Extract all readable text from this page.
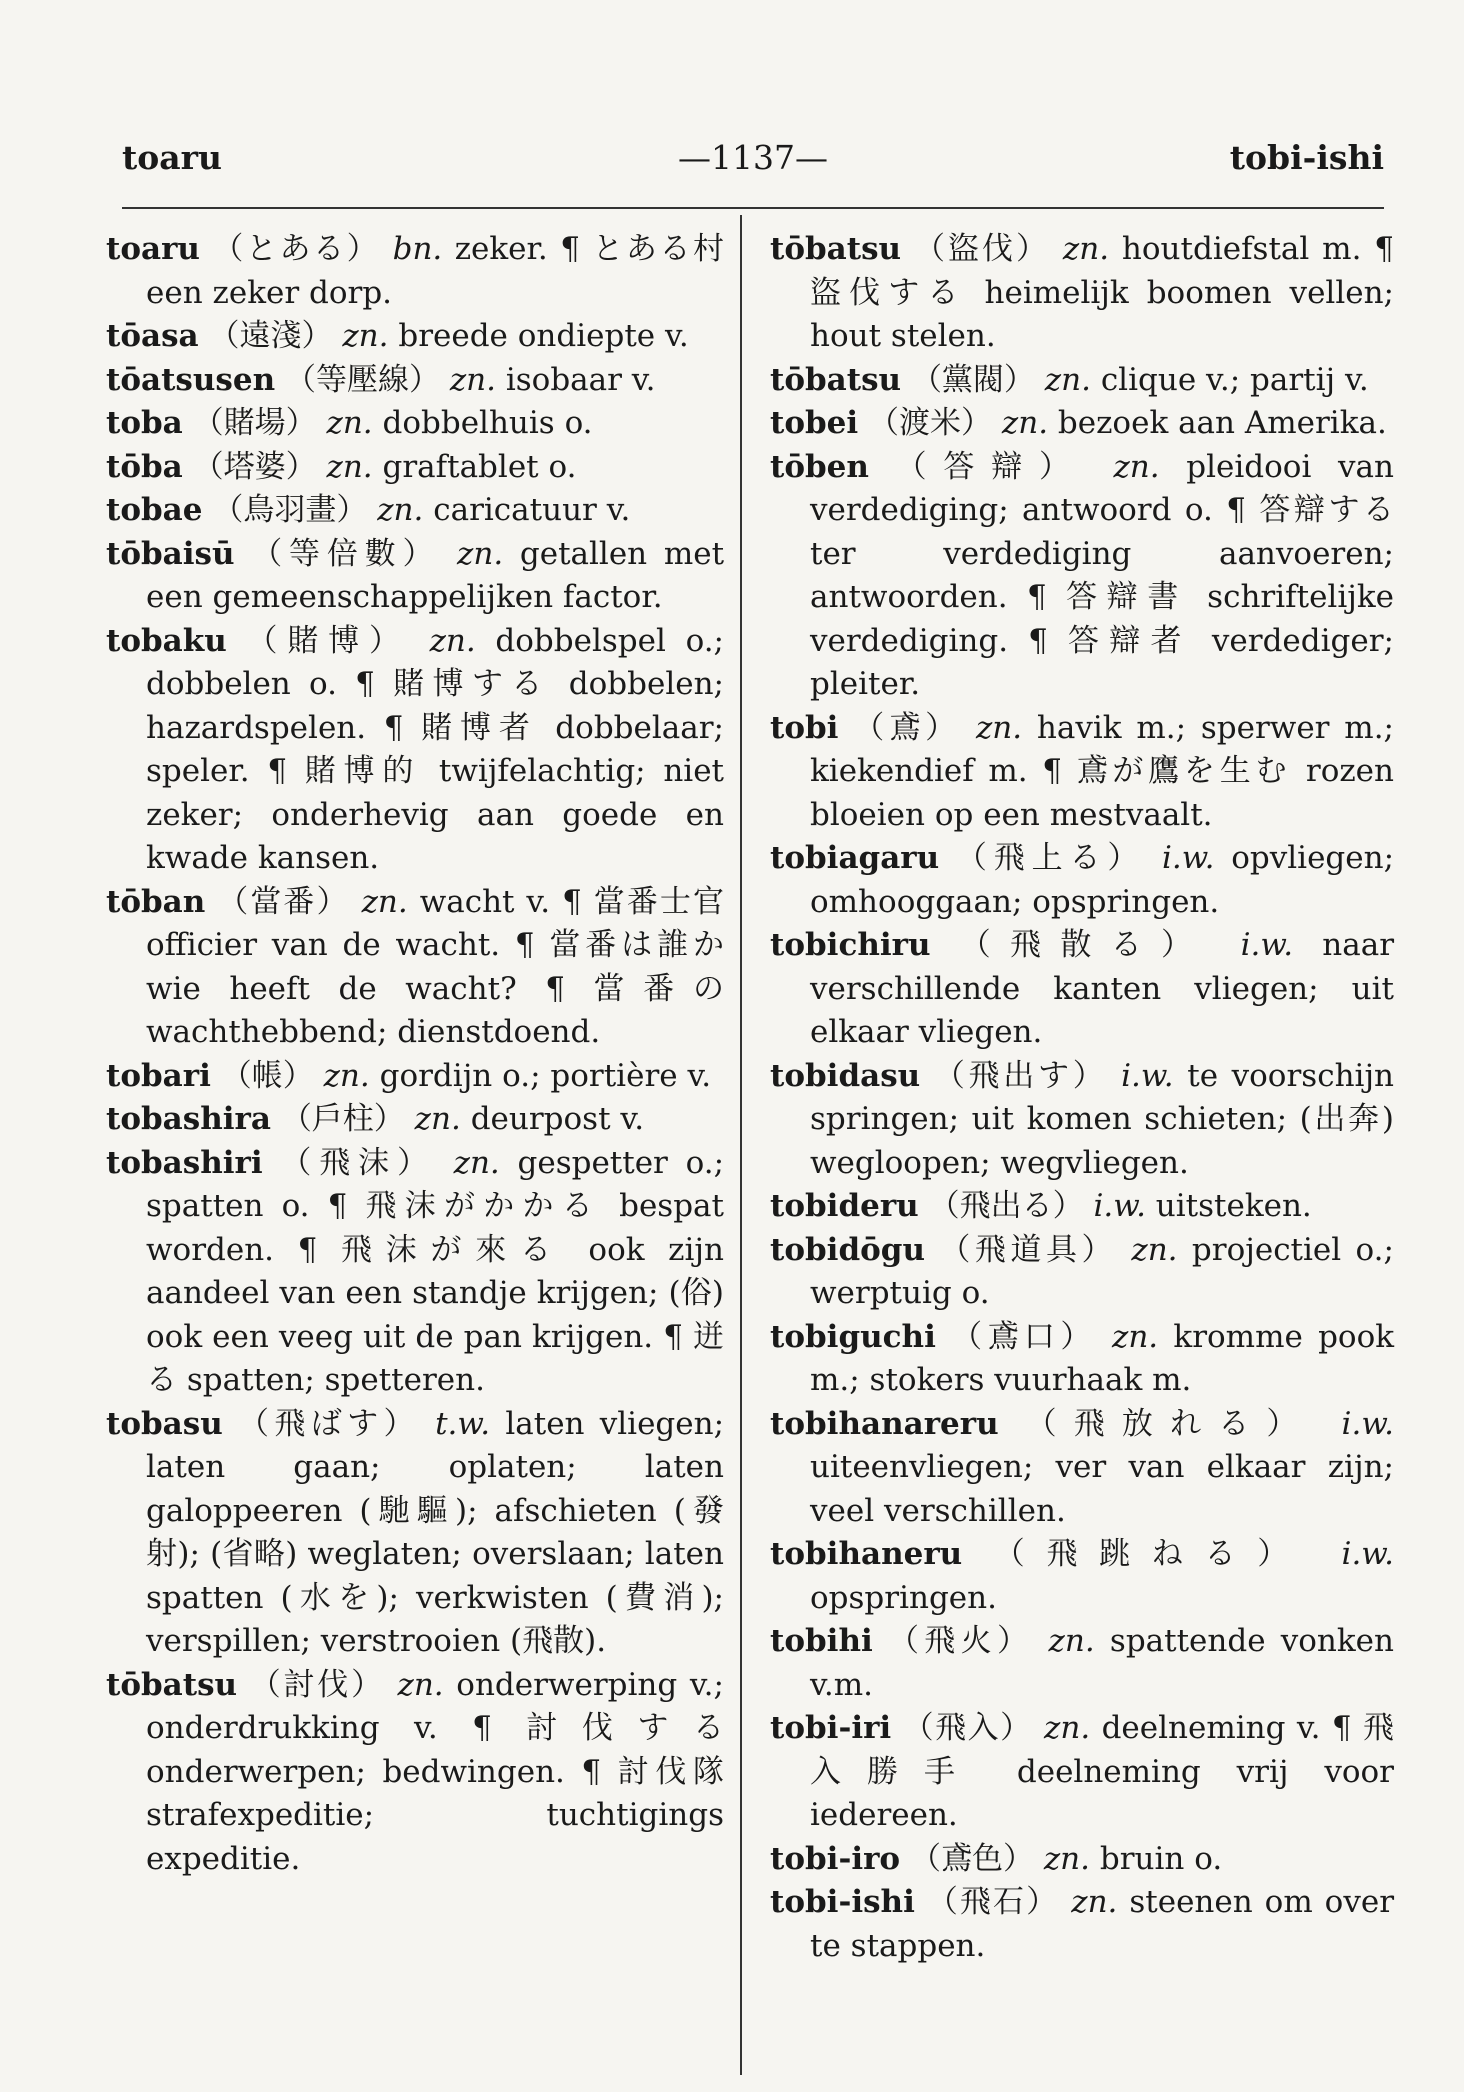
toaru	—1137—	tobi-ishi
toaru （とある） bn. zeker. ¶ とある村 een zeker dorp.
tōasa （遠淺） zn. breede ondiepte v.
tōatsusen （等壓線） zn. isobaar v.
toba （賭場） zn. dobbelhuis o.
tōba （塔婆） zn. graftablet o.
tobae （鳥羽畫） zn. caricatuur v.
tōbaisū （等倍數） zn. getallen met een gemeenschappelijken factor.
tobaku （賭博） zn. dobbelspel o.; dobbelen o. ¶ 賭博する dobbelen; hazardspelen. ¶ 賭博者 dobbelaar; speler. ¶ 賭博的 twijfelachtig; niet zeker; onderhevig aan goede en kwade kansen.
tōban （當番） zn. wacht v. ¶ 當番士官 officier van de wacht. ¶ 當番は誰か wie heeft de wacht? ¶ 當番の wachthebbend; dienstdoend.
tobari （帳） zn. gordijn o.; portière v.
tobashira （戶柱） zn. deurpost v.
tobashiri （飛沫） zn. gespetter o.; spatten o. ¶ 飛沫がかかる bespat worden. ¶ 飛沫が來る ook zijn aandeel van een standje krijgen; (俗) ook een veeg uit de pan krijgen. ¶ 迸る spatten; spetteren.
tobasu （飛ばす） t.w. laten vliegen; laten gaan; oplaten; laten galoppeeren (馳驅); afschieten (發射); (省略) weglaten; overslaan; laten spatten (水を); verkwisten (費消); verspillen; verstrooien (飛散).
tōbatsu （討伐） zn. onderwerping v.; onderdrukking v. ¶ 討伐する onderwerpen; bedwingen. ¶ 討伐隊 strafexpeditie; tuchtigings expeditie.
tōbatsu （盜伐） zn. houtdiefstal m. ¶ 盜伐する heimelijk boomen vellen; hout stelen.
tōbatsu （黨閥） zn. clique v.; partij v.
tobei （渡米） zn. bezoek aan Amerika.
tōben （答辯） zn. pleidooi van verdediging; antwoord o. ¶ 答辯する ter verdediging aanvoeren; antwoorden. ¶ 答辯書 schriftelijke verdediging. ¶ 答辯者 verdediger; pleiter.
tobi （鳶） zn. havik m.; sperwer m.; kiekendief m. ¶ 鳶が鷹を生む rozen bloeien op een mestvaalt.
tobiagaru （飛上る） i.w. opvliegen; omhooggaan; opspringen.
tobichiru （飛散る） i.w. naar verschillende kanten vliegen; uit elkaar vliegen.
tobidasu （飛出す） i.w. te voorschijn springen; uit komen schieten; (出奔) wegloopen; wegvliegen.
tobideru （飛出る） i.w. uitsteken.
tobidōgu （飛道具） zn. projectiel o.; werptuig o.
tobiguchi （鳶口） zn. kromme pook m.; stokers vuurhaak m.
tobihanareru （飛放れる） i.w. uiteenvliegen; ver van elkaar zijn; veel verschillen.
tobihaneru （飛跳ねる） i.w. opspringen.
tobihi （飛火） zn. spattende vonken v.m.
tobi-iri （飛入） zn. deelneming v. ¶ 飛入勝手 deelneming vrij voor iedereen.
tobi-iro （鳶色） zn. bruin o.
tobi-ishi （飛石） zn. steenen om over te stappen.
